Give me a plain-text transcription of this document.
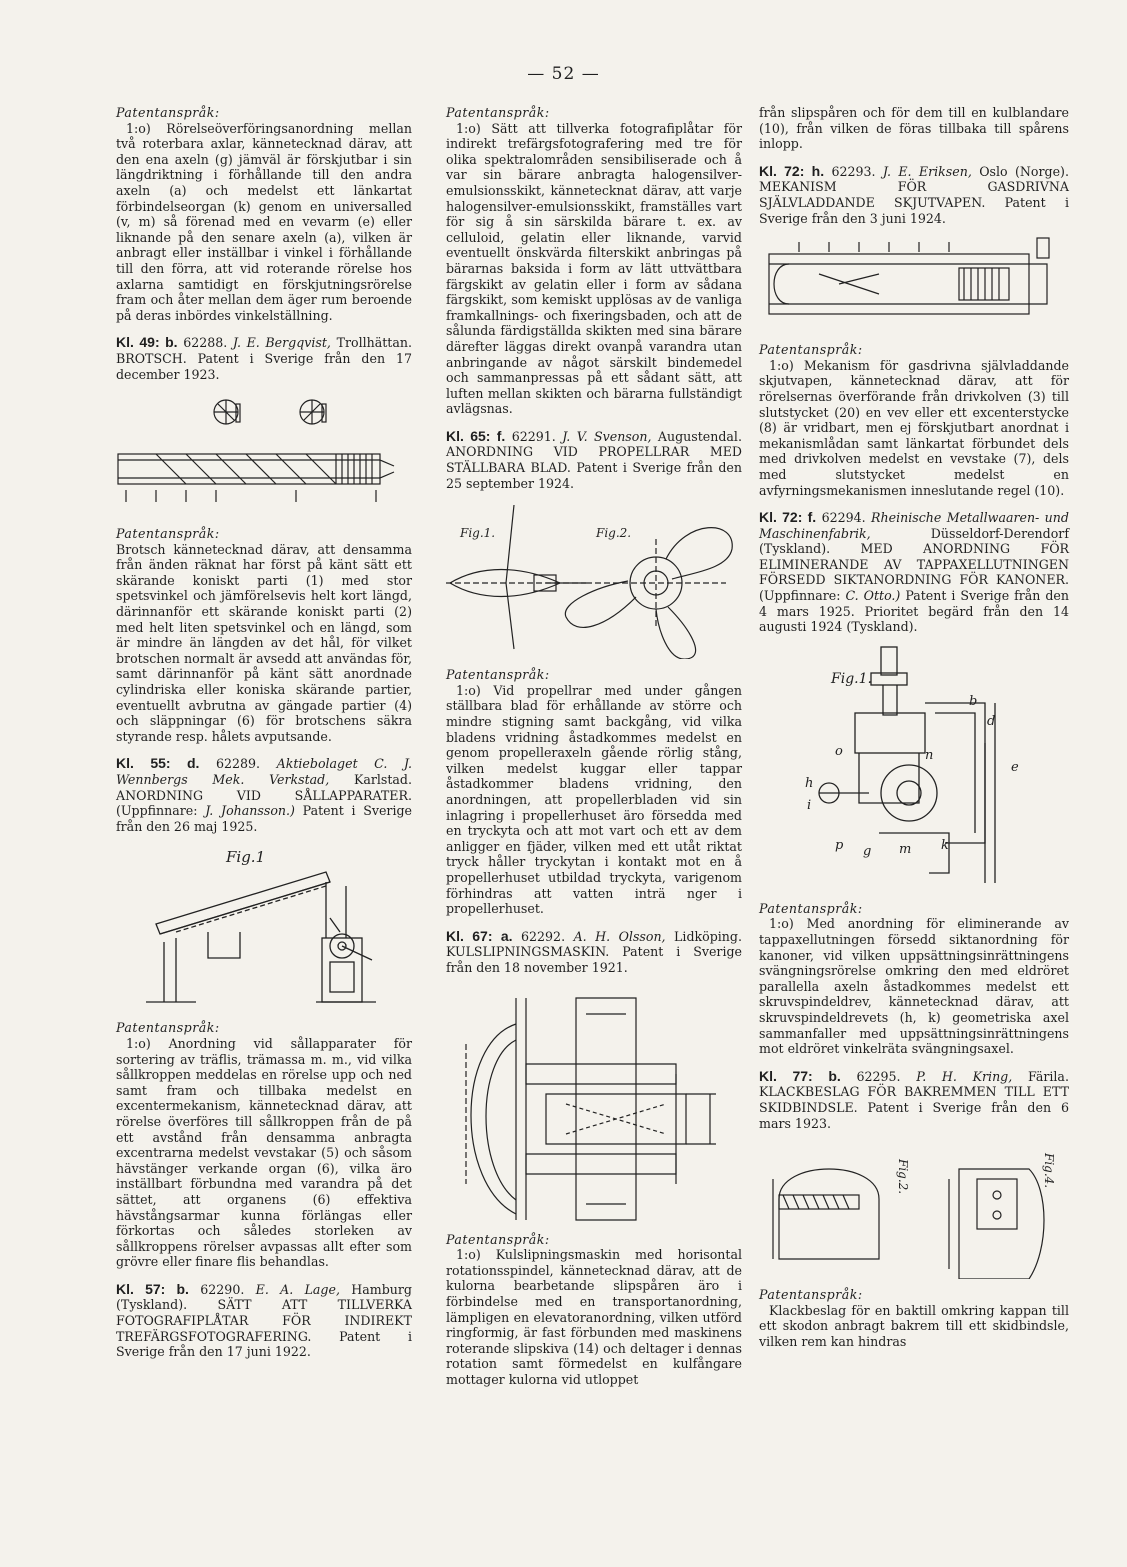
— 52 —

Patentanspråk:

1:o) Rörelseöverföringsanordning mellan två roterbara axlar, kännetecknad därav, att den ena axeln (g) jämväl är förskjutbar i sin längdriktning i förhållande till den andra axeln (a) och medelst ett länkartat förbindelseorgan (k) genom en universalled (v, m) så förenad med en vevarm (e) eller liknande på den senare axeln (a), vilken är anbragt eller inställbar i vinkel i förhållande till den förra, att vid roterande rörelse hos axlarna samtidigt en förskjutningsrörelse fram och åter mellan dem äger rum beroende på deras inbördes vinkelställning.

Kl. 49: b. 62288. J. E. Bergqvist, Trollhättan. BROTSCH. Patent i Sverige från den 17 december 1923.

Patentanspråk:

Brotsch kännetecknad därav, att densamma från änden räknat har först på känt sätt ett skärande koniskt parti (1) med stor spetsvinkel och jämförelsevis helt kort längd, därinnanför ett skärande koniskt parti (2) med helt liten spetsvinkel och en längd, som är mindre än längden av det hål, för vilket brotschen normalt är avsedd att användas för, samt därinnanför på känt sätt anordnade cylindriska eller koniska skärande partier, eventuellt avbrutna av gängade partier (4) och släppningar (6) för brotschens säkra styrande resp. hålets avputsande.

Kl. 55: d. 62289. Aktiebolaget C. J. Wennbergs Mek. Verkstad, Karlstad. ANORDNING VID SÅLLAPPARATER. (Uppfinnare: J. Johansson.) Patent i Sverige från den 26 maj 1925.

Fig.1

Patentanspråk:

1:o) Anordning vid sållapparater för sortering av träflis, trämassa m. m., vid vilka sållkroppen meddelas en rörelse upp och ned samt fram och tillbaka medelst en excentermekanism, kännetecknad därav, att rörelse överföres till sållkroppen från de på ett avstånd från densamma anbragta excentrarna medelst vevstakar (5) och såsom hävstänger verkande organ (6), vilka äro inställbart förbundna med varandra på det sättet, att organens (6) effektiva hävstångsarmar kunna förlängas eller förkortas och således storleken av sållkroppens rörelser avpassas allt efter som grövre eller finare flis behandlas.

Kl. 57: b. 62290. E. A. Lage, Hamburg (Tyskland). SÄTT ATT TILLVERKA FOTOGRAFIPLÅTAR FÖR INDIREKT TREFÄRGSFOTOGRAFERING. Patent i Sverige från den 17 juni 1922.

Patentanspråk:

1:o) Sätt att tillverka fotografiplåtar för indirekt trefärgsfotografering med tre för olika spektralområden sensibiliserade och å var sin bärare anbragta halogensilver-emulsionsskikt, kännetecknat därav, att varje halogensilver-emulsionsskikt, framställes vart för sig å sin särskilda bärare t. ex. av celluloid, gelatin eller liknande, varvid eventuellt önskvärda filterskikt anbringas på bärarnas baksida i form av lätt uttvättbara färgskikt av gelatin eller i form av sådana färgskikt, som kemiskt upplösas av de vanliga framkallnings- och fixeringsbaden, och att de sålunda färdigställda skikten med sina bärare därefter läggas direkt ovanpå varandra utan anbringande av något särskilt bindemedel och sammanpressas på ett sådant sätt, att luften mellan skikten och bärarna fullständigt avlägsnas.

Kl. 65: f. 62291. J. V. Svenson, Augustendal. ANORDNING VID PROPELLRAR MED STÄLLBARA BLAD. Patent i Sverige från den 25 september 1924.

Fig.1.	Fig.2.

Patentanspråk:

1:o) Vid propellrar med under gången ställbara blad för erhållande av större och mindre stigning samt backgång, vid vilka bladens vridning åstadkommes medelst en genom propelleraxeln gående rörlig stång, vilken medelst kuggar eller tappar åstadkommer bladens vridning, den anordningen, att propellerbladen vid sin inlagring i propellerhuset äro försedda med en tryckyta och att mot vart och ett av dem anligger en fjäder, vilken med ett utåt riktat tryck håller tryckytan i kontakt mot en å propellerhuset utbildad tryckyta, varigenom förhindras att vatten inträ nger i propellerhuset.

Kl. 67: a. 62292. A. H. Olsson, Lidköping. KULSLIPNINGSMASKIN. Patent i Sverige från den 18 november 1921.

Patentanspråk:

1:o) Kulslipningsmaskin med horisontal rotationsspindel, kännetecknad därav, att de kulorna bearbetande slipspåren äro i förbindelse med en transportanordning, lämpligen en elevatoranordning, vilken utförd ringformig, är fast förbunden med maskinens roterande slipskiva (14) och deltager i dennas rotation samt förmedelst en kulfångare mottager kulorna vid utloppet

från slipspåren och för dem till en kulblandare (10), från vilken de föras tillbaka till spårens inlopp.

Kl. 72: h. 62293. J. E. Eriksen, Oslo (Norge). MEKANISM FÖR GASDRIVNA SJÄLVLADDANDE SKJUTVAPEN. Patent i Sverige från den 3 juni 1924.

Patentanspråk:

1:o) Mekanism för gasdrivna självladdande skjutvapen, kännetecknad därav, att för rörelsernas överförande från drivkolven (3) till slutstycket (20) en vev eller ett excenterstycke (8) är vridbart, men ej förskjutbart anordnat i mekanismlådan samt länkartat förbundet dels med drivkolven medelst en vevstake (7), dels med slutstycket medelst en avfyrningsmekanismen inneslutande regel (10).

Kl. 72: f. 62294. Rheinische Metallwaaren- und Maschinenfabrik,	Düsseldorf-Derendorf (Tyskland). MED ANORDNING FÖR ELIMINERANDE AV TAPPAXELLUTNINGEN FÖRSEDD SIKTANORDNING FÖR KANONER. (Uppfinnare: C. Otto.) Patent i Sverige från den 4 mars 1925. Prioritet begärd från den 14 augusti 1924 (Tyskland).

Fig.1.
b
d
e
o	n
h
i
p g m k

Patentanspråk:

1:o) Med anordning för eliminerande av tappaxellutningen försedd siktanordning för kanoner, vid vilken uppsättningsinrättningens svängningsrörelse omkring den med eldröret parallella axeln åstadkommes medelst ett skruvspindeldrev, kännetecknad därav, att skruvspindeldrevets (h, k) geometriska axel sammanfaller med uppsättningsinrättningens mot eldröret vinkelräta svängningsaxel.

Kl. 77: b. 62295. P. H. Kring, Färila. KLACKBESLAG FÖR BAKREMMEN TILL ETT SKIDBINDSLE. Patent i Sverige från den 6 mars 1923.

Fig.2.	Fig.4.

Patentanspråk:

Klackbeslag för en baktill omkring kappan till ett skodon anbragt bakrem till ett skidbindsle, vilken rem kan hindras
